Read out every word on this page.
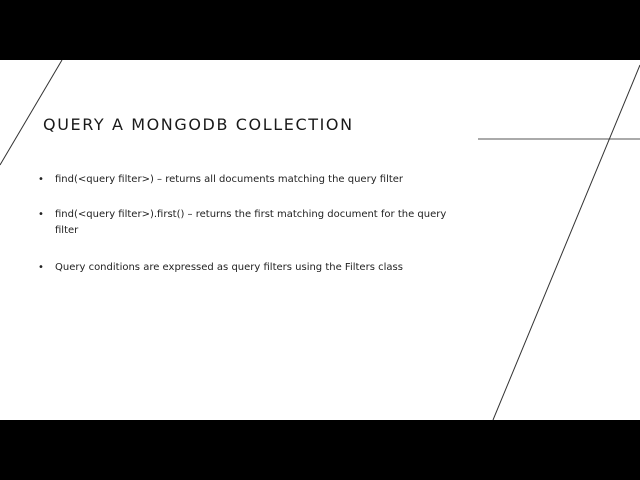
QUERY A MONGODB COLLECTION
• find(<query filter>) – returns all documents matching the query filter
• find(<query filter>).first() – returns the first matching document for the query filter
• Query conditions are expressed as query filters using the Filters class
